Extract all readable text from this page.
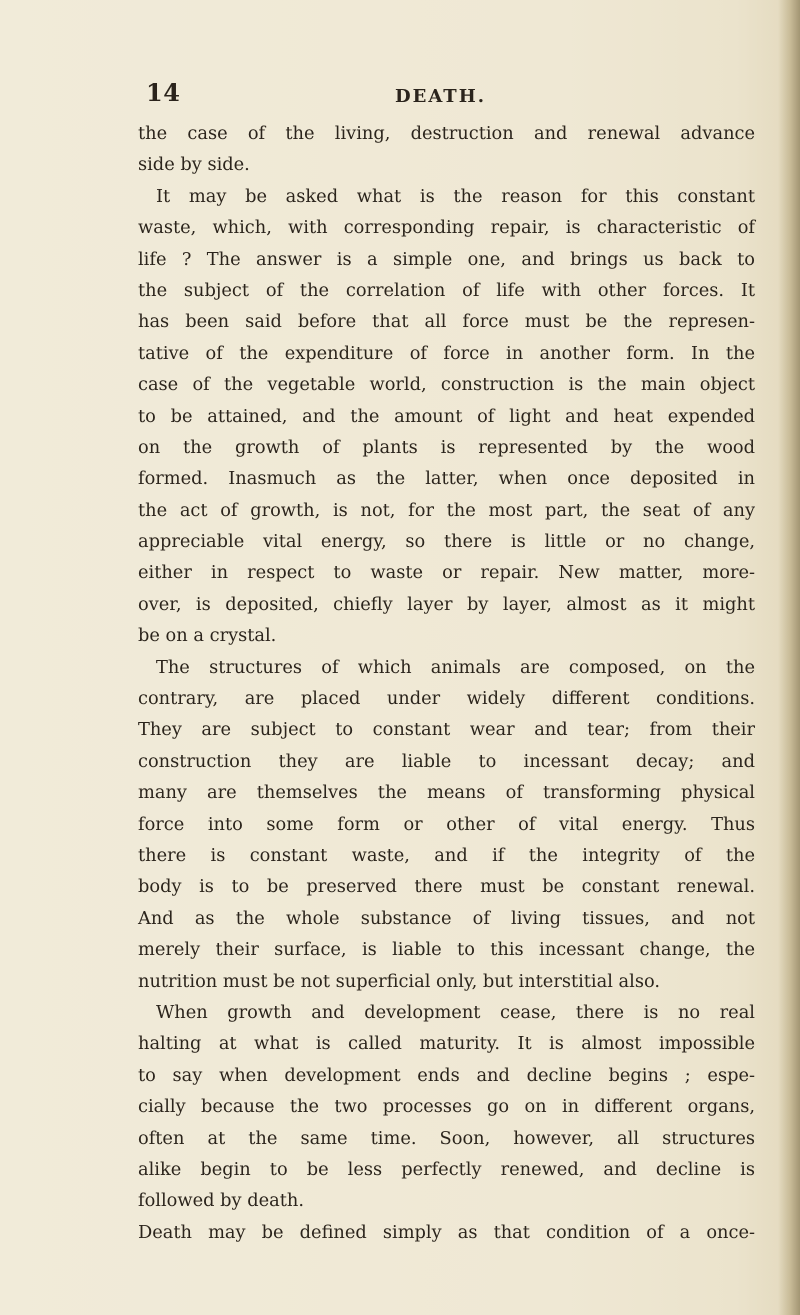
14	DEATH.
the case of the living, destruction and renewal advance
side by side.
It may be asked what is the reason for this constant
waste, which, with corresponding repair, is characteristic of
life ? The answer is a simple one, and brings us back to
the subject of the correlation of life with other forces. It
has been said before that all force must be the represen-
tative of the expenditure of force in another form. In the
case of the vegetable world, construction is the main object
to be attained, and the amount of light and heat expended
on the growth of plants is represented by the wood
formed. Inasmuch as the latter, when once deposited in
the act of growth, is not, for the most part, the seat of any
appreciable vital energy, so there is little or no change,
either in respect to waste or repair. New matter, more-
over, is deposited, chiefly layer by layer, almost as it might
be on a crystal.
The structures of which animals are composed, on the
contrary, are placed under widely different conditions.
They are subject to constant wear and tear; from their
construction they are liable to incessant decay; and
many are themselves the means of transforming physical
force into some form or other of vital energy. Thus
there is constant waste, and if the integrity of the
body is to be preserved there must be constant renewal.
And as the whole substance of living tissues, and not
merely their surface, is liable to this incessant change, the
nutrition must be not superficial only, but interstitial also.
When growth and development cease, there is no real
halting at what is called maturity. It is almost impossible
to say when development ends and decline begins ; espe-
cially because the two processes go on in different organs,
often at the same time. Soon, however, all structures
alike begin to be less perfectly renewed, and decline is
followed by death.
Death may be defined simply as that condition of a once-
